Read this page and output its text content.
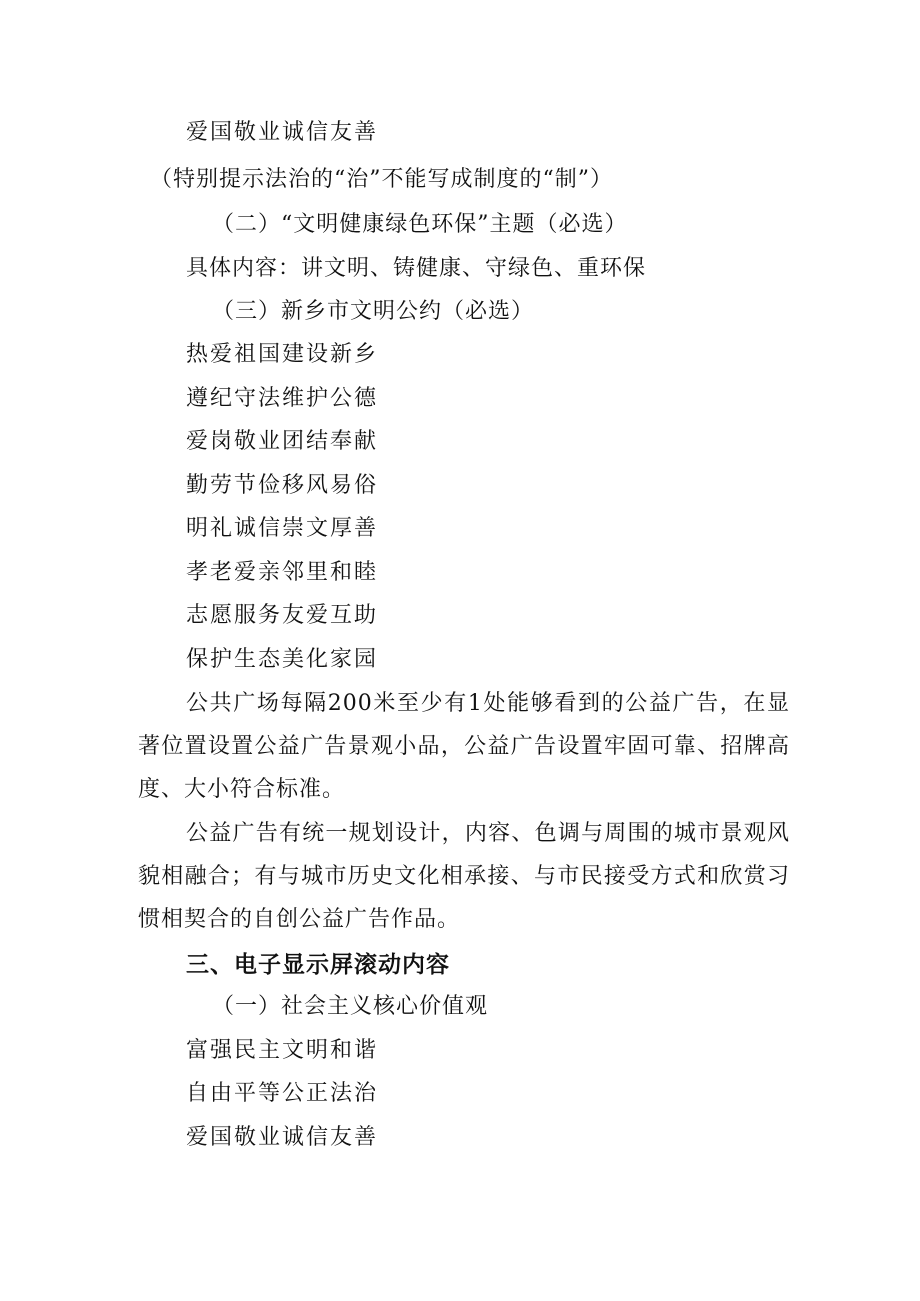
爱国敬业诚信友善
（特别提示法治的“治”不能写成制度的“制”）
（二）“文明健康绿色环保”主题（必选）
具体内容：讲文明、铸健康、守绿色、重环保
（三）新乡市文明公约（必选）
热爱祖国建设新乡
遵纪守法维护公德
爱岗敬业团结奉献
勤劳节俭移风易俗
明礼诚信崇文厚善
孝老爱亲邻里和睦
志愿服务友爱互助
保护生态美化家园
公共广场每隔200米至少有1处能够看到的公益广告，在显著位置设置公益广告景观小品，公益广告设置牢固可靠、招牌高度、大小符合标准。
公益广告有统一规划设计，内容、色调与周围的城市景观风貌相融合；有与城市历史文化相承接、与市民接受方式和欣赏习惯相契合的自创公益广告作品。
三、电子显示屏滚动内容
（一）社会主义核心价值观
富强民主文明和谐
自由平等公正法治
爱国敬业诚信友善
